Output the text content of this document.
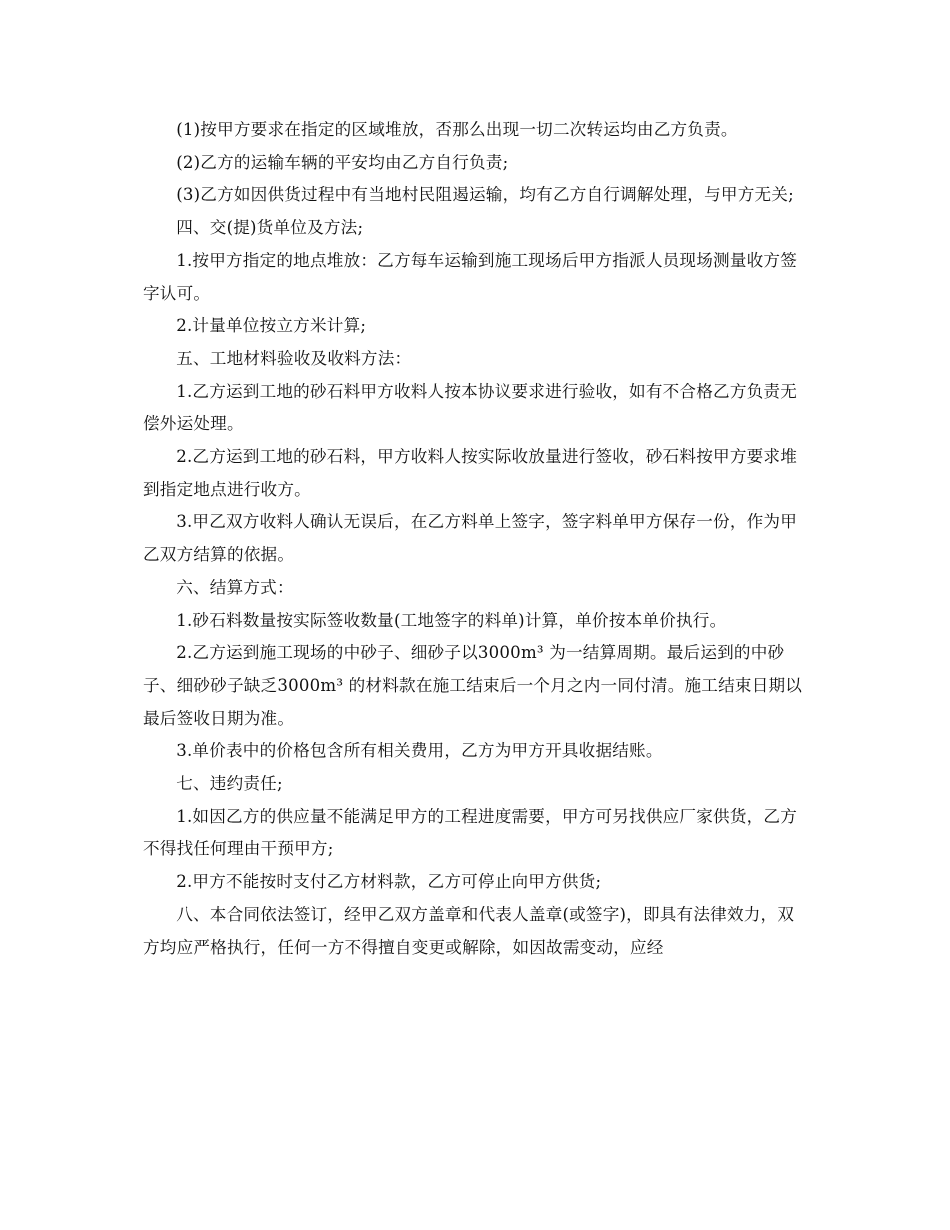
(1)按甲方要求在指定的区域堆放，否那么出现一切二次转运均由乙方负责。

(2)乙方的运输车辆的平安均由乙方自行负责;

(3)乙方如因供货过程中有当地村民阻遏运输，均有乙方自行调解处理，与甲方无关;

四、交(提)货单位及方法;

1.按甲方指定的地点堆放：乙方每车运输到施工现场后甲方指派人员现场测量收方签字认可。

2.计量单位按立方米计算;

五、工地材料验收及收料方法：

1.乙方运到工地的砂石料甲方收料人按本协议要求进行验收，如有不合格乙方负责无偿外运处理。

2.乙方运到工地的砂石料，甲方收料人按实际收放量进行签收，砂石料按甲方要求堆到指定地点进行收方。

3.甲乙双方收料人确认无误后，在乙方料单上签字，签字料单甲方保存一份，作为甲乙双方结算的依据。

六、结算方式：

1.砂石料数量按实际签收数量(工地签字的料单)计算，单价按本单价执行。

2.乙方运到施工现场的中砂子、细砂子以3000m³ 为一结算周期。最后运到的中砂子、细砂砂子缺乏3000m³ 的材料款在施工结束后一个月之内一同付清。施工结束日期以最后签收日期为准。

3.单价表中的价格包含所有相关费用，乙方为甲方开具收据结账。

七、违约责任;

1.如因乙方的供应量不能满足甲方的工程进度需要，甲方可另找供应厂家供货，乙方不得找任何理由干预甲方;

2.甲方不能按时支付乙方材料款，乙方可停止向甲方供货;

八、本合同依法签订，经甲乙双方盖章和代表人盖章(或签字)，即具有法律效力，双方均应严格执行，任何一方不得擅自变更或解除，如因故需变动，应经
